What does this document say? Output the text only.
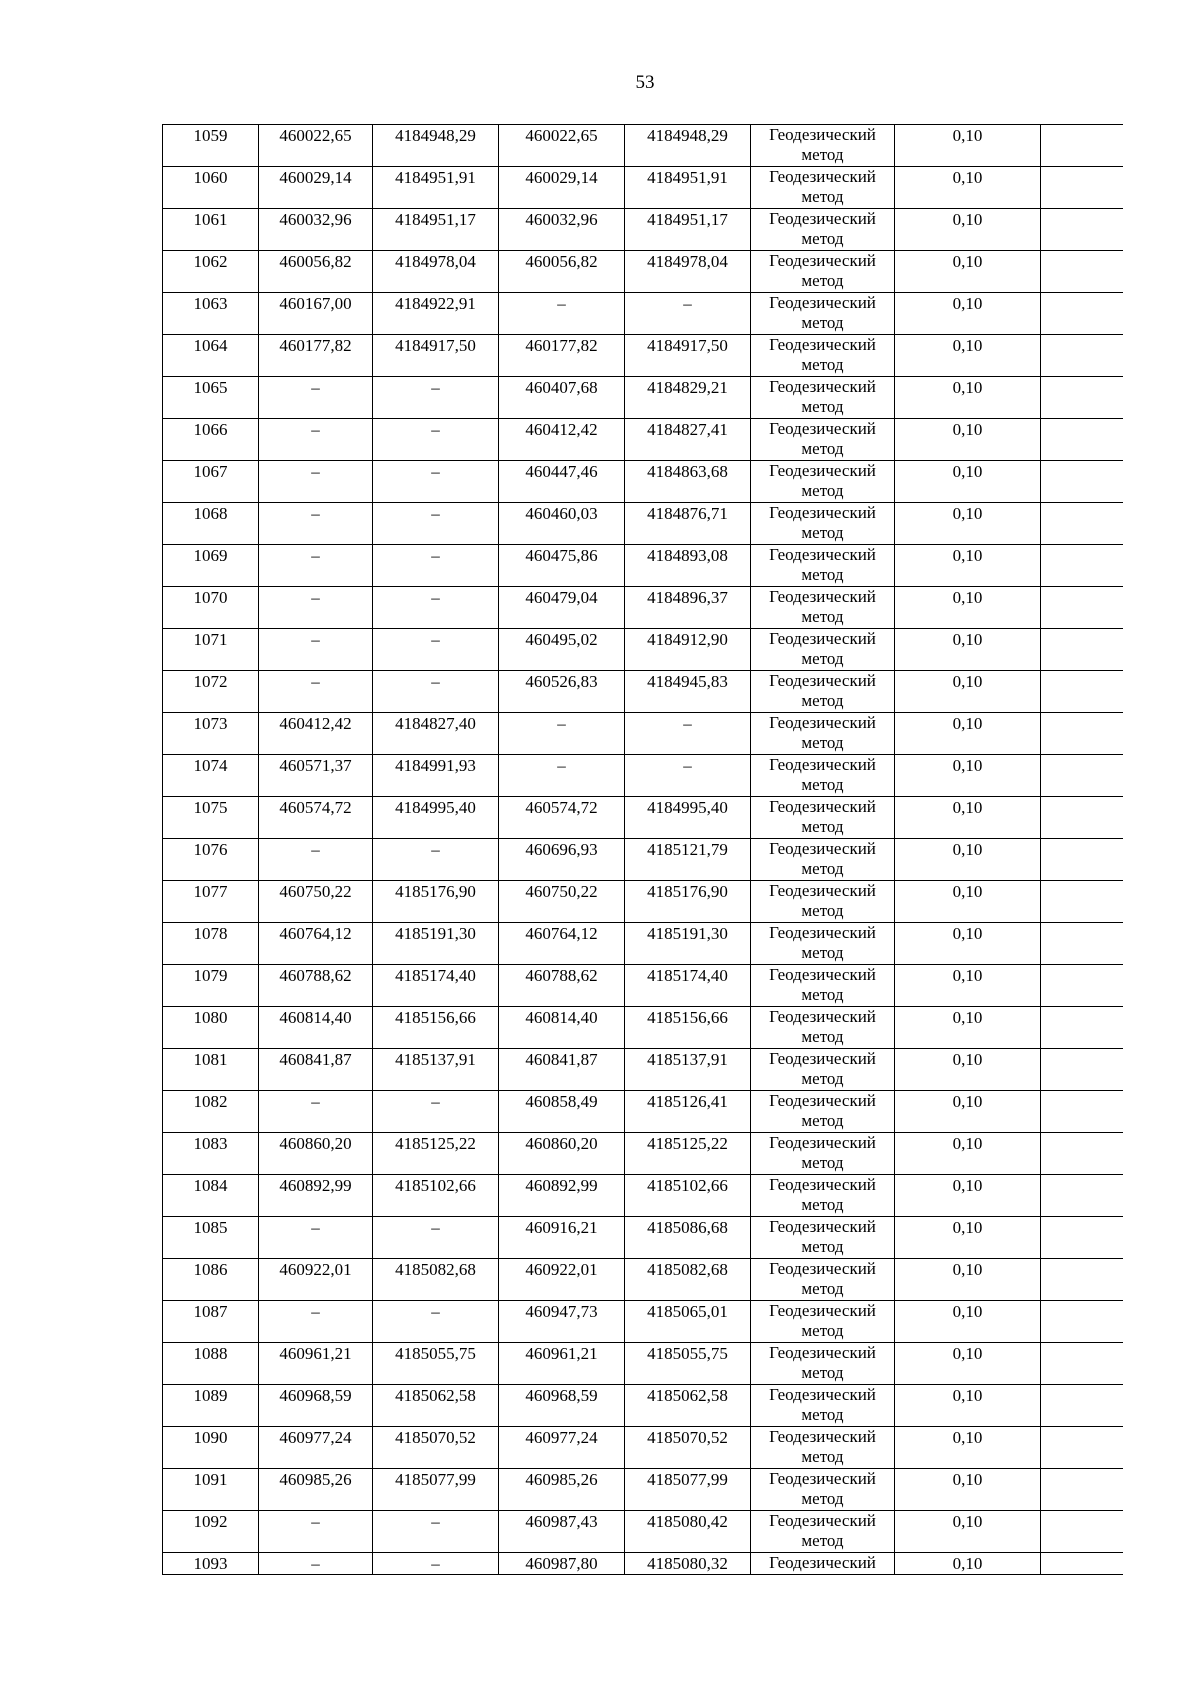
53
1059	460022,65	4184948,29	460022,65	4184948,29	Геодезический
метод	0,10	

1060	460029,14	4184951,91	460029,14	4184951,91	Геодезический
метод	0,10	

1061	460032,96	4184951,17	460032,96	4184951,17	Геодезический
метод	0,10	

1062	460056,82	4184978,04	460056,82	4184978,04	Геодезический
метод	0,10	

1063	460167,00	4184922,91	–	–	Геодезический
метод	0,10	

1064	460177,82	4184917,50	460177,82	4184917,50	Геодезический
метод	0,10	

1065	–	–	460407,68	4184829,21	Геодезический
метод	0,10	

1066	–	–	460412,42	4184827,41	Геодезический
метод	0,10	

1067	–	–	460447,46	4184863,68	Геодезический
метод	0,10	

1068	–	–	460460,03	4184876,71	Геодезический
метод	0,10	

1069	–	–	460475,86	4184893,08	Геодезический
метод	0,10	

1070	–	–	460479,04	4184896,37	Геодезический
метод	0,10	

1071	–	–	460495,02	4184912,90	Геодезический
метод	0,10	

1072	–	–	460526,83	4184945,83	Геодезический
метод	0,10	

1073	460412,42	4184827,40	–	–	Геодезический
метод	0,10	

1074	460571,37	4184991,93	–	–	Геодезический
метод	0,10	

1075	460574,72	4184995,40	460574,72	4184995,40	Геодезический
метод	0,10	

1076	–	–	460696,93	4185121,79	Геодезический
метод	0,10	

1077	460750,22	4185176,90	460750,22	4185176,90	Геодезический
метод	0,10	

1078	460764,12	4185191,30	460764,12	4185191,30	Геодезический
метод	0,10	

1079	460788,62	4185174,40	460788,62	4185174,40	Геодезический
метод	0,10	

1080	460814,40	4185156,66	460814,40	4185156,66	Геодезический
метод	0,10	

1081	460841,87	4185137,91	460841,87	4185137,91	Геодезический
метод	0,10	

1082	–	–	460858,49	4185126,41	Геодезический
метод	0,10	

1083	460860,20	4185125,22	460860,20	4185125,22	Геодезический
метод	0,10	

1084	460892,99	4185102,66	460892,99	4185102,66	Геодезический
метод	0,10	

1085	–	–	460916,21	4185086,68	Геодезический
метод	0,10	

1086	460922,01	4185082,68	460922,01	4185082,68	Геодезический
метод	0,10	

1087	–	–	460947,73	4185065,01	Геодезический
метод	0,10	

1088	460961,21	4185055,75	460961,21	4185055,75	Геодезический
метод	0,10	

1089	460968,59	4185062,58	460968,59	4185062,58	Геодезический
метод	0,10	

1090	460977,24	4185070,52	460977,24	4185070,52	Геодезический
метод	0,10	

1091	460985,26	4185077,99	460985,26	4185077,99	Геодезический
метод	0,10	

1092	–	–	460987,43	4185080,42	Геодезический
метод	0,10	

1093	–	–	460987,80	4185080,32	Геодезический	0,10	
